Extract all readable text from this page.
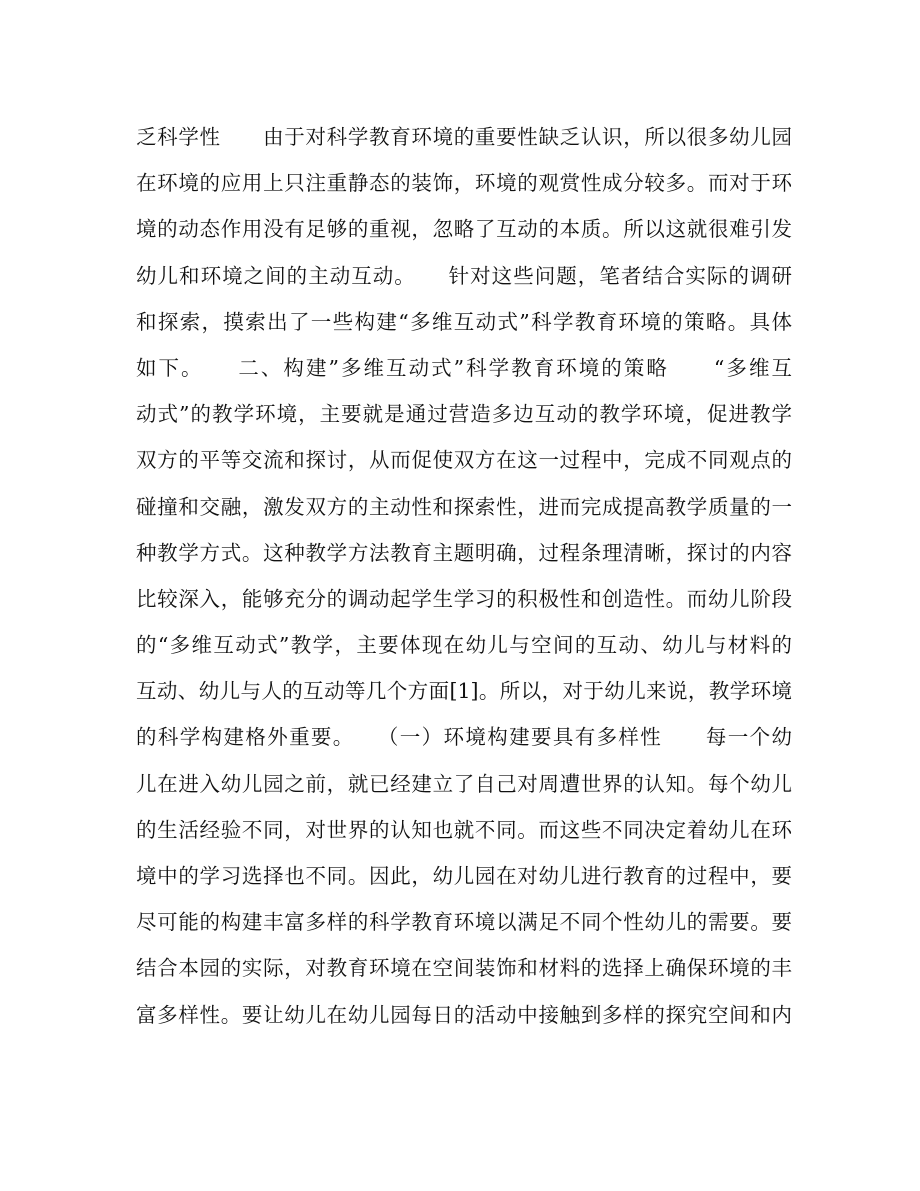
乏科学性　　由于对科学教育环境的重要性缺乏认识，所以很多幼儿园
在环境的应用上只注重静态的装饰，环境的观赏性成分较多。而对于环
境的动态作用没有足够的重视，忽略了互动的本质。所以这就很难引发
幼儿和环境之间的主动互动。　　针对这些问题，笔者结合实际的调研
和探索，摸索出了一些构建“多维互动式”科学教育环境的策略。具体
如下。　　二、构建”多维互动式”科学教育环境的策略　　“多维互
动式”的教学环境，主要就是通过营造多边互动的教学环境，促进教学
双方的平等交流和探讨，从而促使双方在这一过程中，完成不同观点的
碰撞和交融，激发双方的主动性和探索性，进而完成提高教学质量的一
种教学方式。这种教学方法教育主题明确，过程条理清晰，探讨的内容
比较深入，能够充分的调动起学生学习的积极性和创造性。而幼儿阶段
的“多维互动式”教学，主要体现在幼儿与空间的互动、幼儿与材料的
互动、幼儿与人的互动等几个方面[1]。所以，对于幼儿来说，教学环境
的科学构建格外重要。　　（一）环境构建要具有多样性　　每一个幼
儿在进入幼儿园之前，就已经建立了自己对周遭世界的认知。每个幼儿
的生活经验不同，对世界的认知也就不同。而这些不同决定着幼儿在环
境中的学习选择也不同。因此，幼儿园在对幼儿进行教育的过程中，要
尽可能的构建丰富多样的科学教育环境以满足不同个性幼儿的需要。要
结合本园的实际，对教育环境在空间装饰和材料的选择上确保环境的丰
富多样性。要让幼儿在幼儿园每日的活动中接触到多样的探究空间和内
